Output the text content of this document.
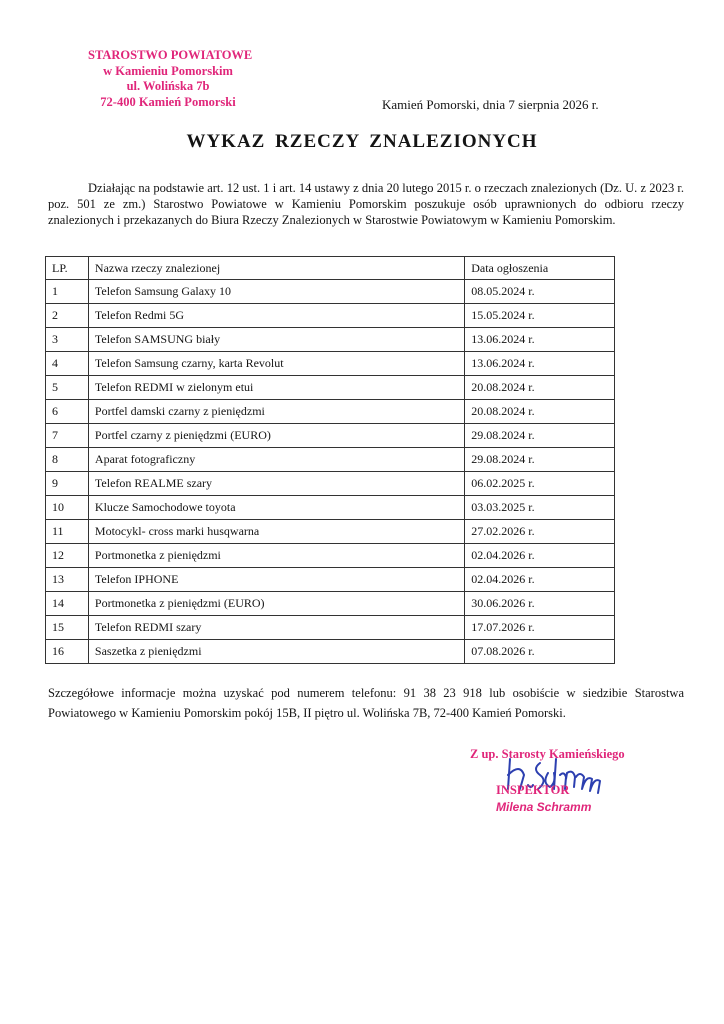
STAROSTWO POWIATOWE
w Kamieniu Pomorskim
ul. Wolińska 7b
72-400 Kamień Pomorski	Kamień Pomorski, dnia 7 sierpnia 2026 r.
WYKAZ RZECZY ZNALEZIONYCH
Działając na podstawie art. 12 ust. 1 i art. 14 ustawy z dnia 20 lutego 2015 r. o rzeczach znalezionych (Dz. U. z 2023 r. poz. 501 ze zm.) Starostwo Powiatowe w Kamieniu Pomorskim poszukuje osób uprawnionych do odbioru rzeczy znalezionych i przekazanych do Biura Rzeczy Znalezionych w Starostwie Powiatowym w Kamieniu Pomorskim.
LP.	Nazwa rzeczy znalezionej	Data ogłoszenia
1	Telefon Samsung Galaxy 10	08.05.2024 r.
2	Telefon Redmi 5G	15.05.2024 r.
3	Telefon SAMSUNG biały	13.06.2024 r.
4	Telefon Samsung czarny, karta Revolut	13.06.2024 r.
5	Telefon REDMI w zielonym etui	20.08.2024 r.
6	Portfel damski czarny z pieniędzmi	20.08.2024 r.
7	Portfel czarny z pieniędzmi (EURO)	29.08.2024 r.
8	Aparat fotograficzny	29.08.2024 r.
9	Telefon REALME szary	06.02.2025 r.
10	Klucze Samochodowe toyota	03.03.2025 r.
11	Motocykl- cross marki husqwarna	27.02.2026 r.
12	Portmonetka z pieniędzmi	02.04.2026 r.
13	Telefon IPHONE	02.04.2026 r.
14	Portmonetka z pieniędzmi (EURO)	30.06.2026 r.
15	Telefon REDMI szary	17.07.2026 r.
16	Saszetka z pieniędzmi	07.08.2026 r.
Szczegółowe informacje można uzyskać pod numerem telefonu: 91 38 23 918 lub osobiście w siedzibie Starostwa Powiatowego w Kamieniu Pomorskim pokój 15B, II piętro ul. Wolińska 7B, 72-400 Kamień Pomorski.
Z up. Starosty Kamieńskiego
INSPEKTOR
Milena Schramm
